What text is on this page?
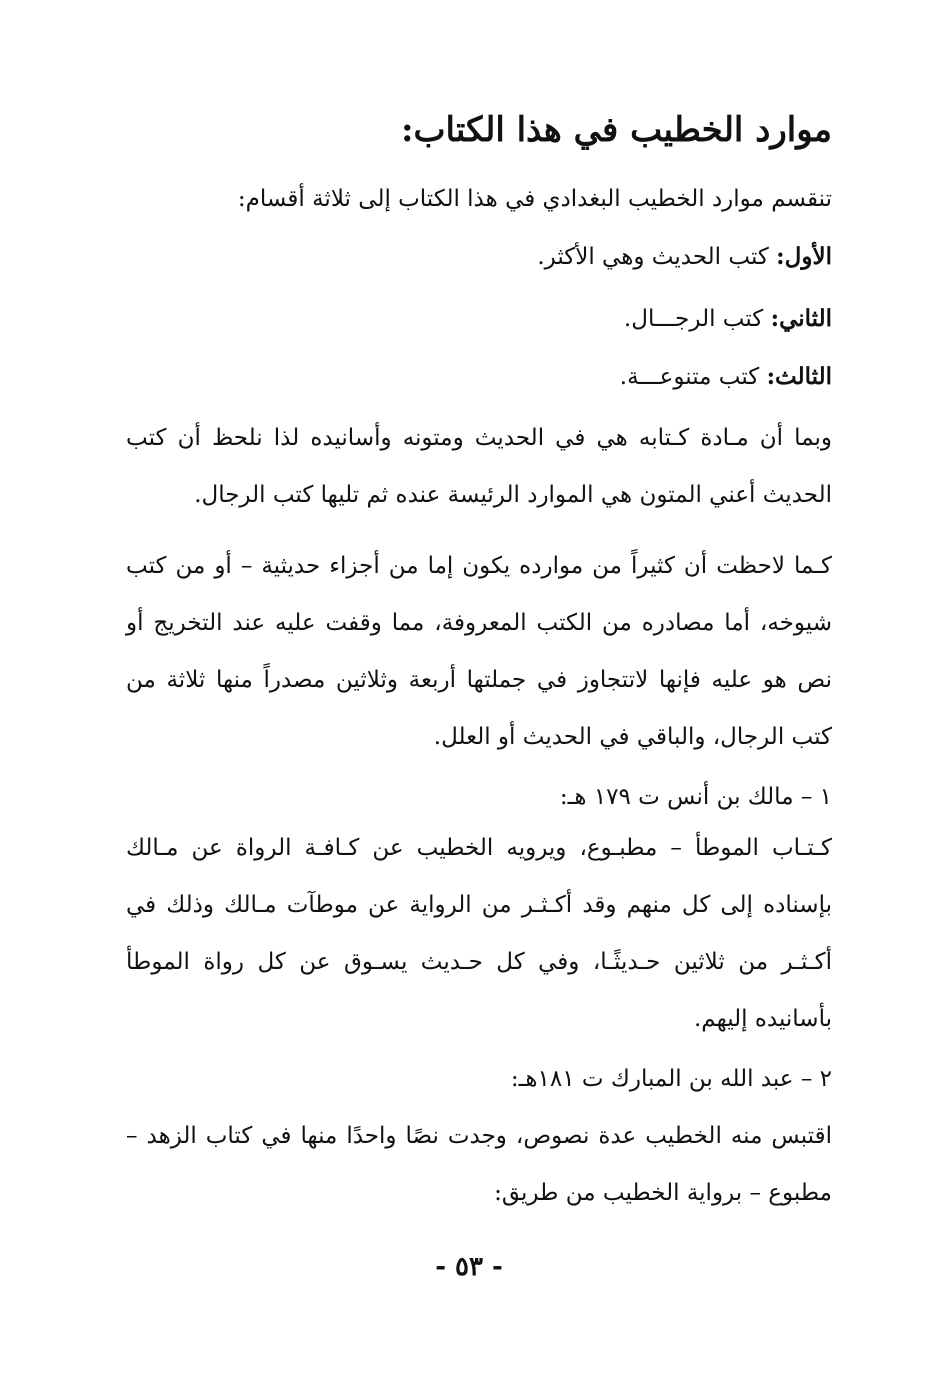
موارد الخطيب في هذا الكتاب:
تنقسم موارد الخطيب البغدادي في هذا الكتاب إلى ثلاثة أقسام:
الأول: كتب الحديث وهي الأكثر.
الثاني: كتب الرجـــال.
الثالث: كتب متنوعـــة.
وبما أن مـادة كـتابه هي في الحديث ومتونه وأسانيده لذا نلحظ أن كتب الحديث أعني المتون هي الموارد الرئيسة عنده ثم تليها كتب الرجال.
كـما لاحظت أن كثيراً من موارده يكون إما من أجزاء حديثية – أو من كتب شيوخه، أما مصادره من الكتب المعروفة، مما وقفت عليه عند التخريج أو نص هو عليه فإنها لاتتجاوز في جملتها أربعة وثلاثين مصدراً منها ثلاثة من كتب الرجال، والباقي في الحديث أو العلل.
١ – مالك بن أنس ت ١٧٩ هـ:
كـتـاب الموطأ – مطبـوع، ويرويه الخطيب عن كـافـة الرواة عن مـالك بإسناده إلى كل منهم وقد أكـثـر من الرواية عن موطآت مـالك وذلك في أكـثـر من ثلاثين حـديثًـا، وفي كل حـديث يسـوق عن كل رواة الموطأ بأسانيده إليهم.
٢ – عبد الله بن المبارك ت ١٨١هـ:
اقتبس منه الخطيب عدة نصوص، وجدت نصًا واحدًا منها في كتاب الزهد – مطبوع – برواية الخطيب من طريق:
- ٥٣ -
